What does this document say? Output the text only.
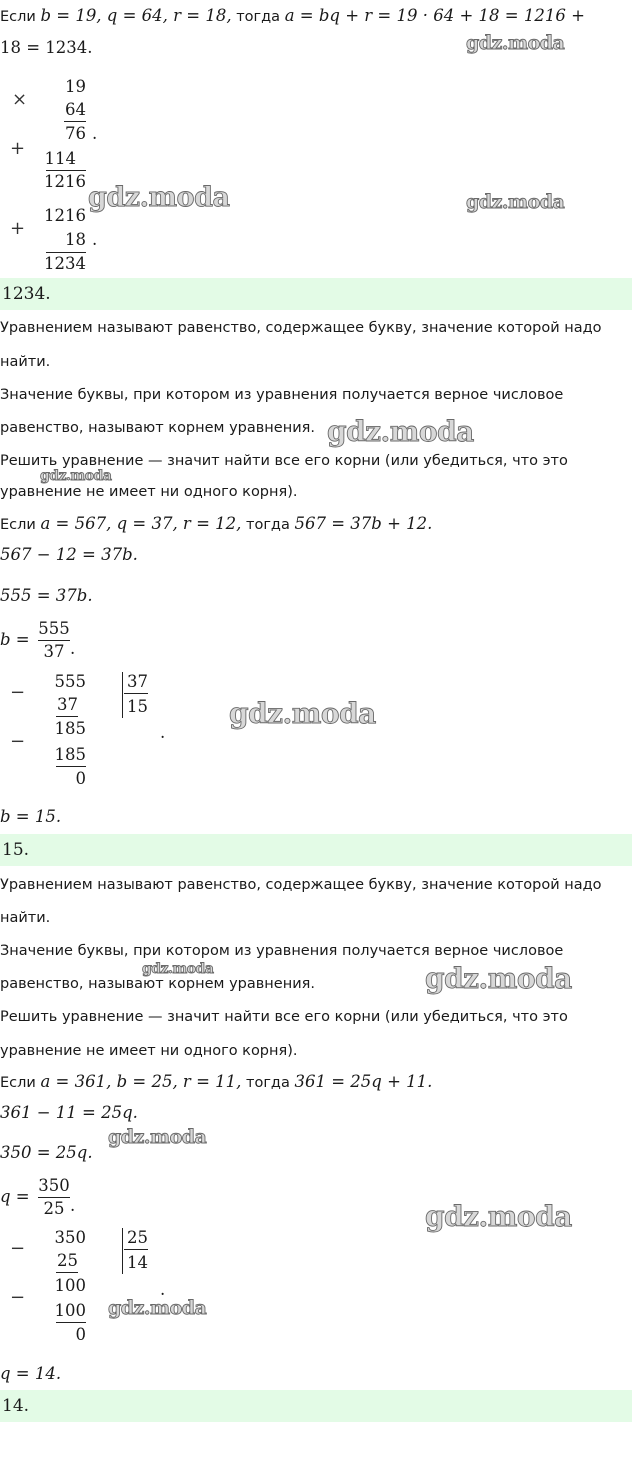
Если b = 19, q = 64, r = 18, тогда a = bq + r = 19 · 64 + 18 = 1216 +
18 = 1234.
×
19
64
76 .
+ 114
1216
1216
+
18 .
1234
1234.
Уравнением называют равенство, содержащее букву, значение которой надо
найти.
Значение буквы, при котором из уравнения получается верное числовое
равенство, называют корнем уравнения.
Решить уравнение — значит найти все его корни (или убедиться, что это
уравнение не имеет ни одного корня).
Если a = 567, q = 37, r = 12, тогда 567 = 37b + 12.
567 − 12 = 37b.
555 = 37b.
b =
555
37 .
−
555
37
185
−
185
0
37
15
.
b = 15.
15.
Уравнением называют равенство, содержащее букву, значение которой надо
найти.
Значение буквы, при котором из уравнения получается верное числовое
равенство, называют корнем уравнения.
Решить уравнение — значит найти все его корни (или убедиться, что это
уравнение не имеет ни одного корня).
Если a = 361, b = 25, r = 11, тогда 361 = 25q + 11.
361 − 11 = 25q.
350 = 25q.
q =
350
25 .
−
350
25
100
−
100
0
25
14
.
q = 14.
14.
gdz.moda
gdz.moda	gdz.moda
gdz.moda
gdz.moda
gdz.moda
gdz.moda	gdz.moda
gdz.moda
gdz.moda
gdz.moda
